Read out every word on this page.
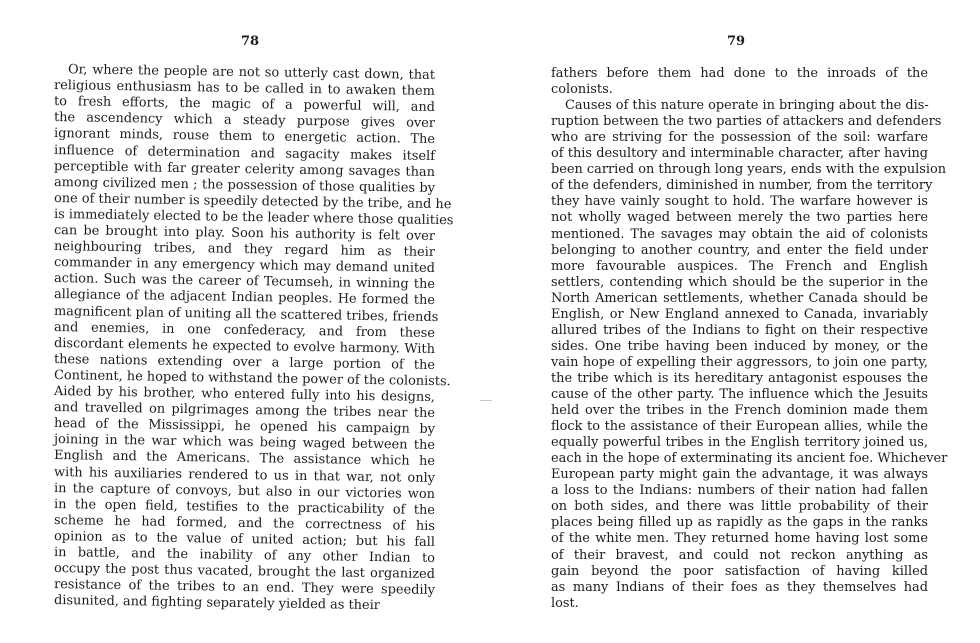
78
Or, where the people are not so utterly cast down, that
religious enthusiasm has to be called in to awaken them
to fresh efforts, the magic of a powerful will, and
the ascendency which a steady purpose gives over
ignorant minds, rouse them to energetic action. The
influence of determination and sagacity makes itself
perceptible with far greater celerity among savages than
among civilized men ; the possession of those qualities by
one of their number is speedily detected by the tribe, and he
is immediately elected to be the leader where those qualities
can be brought into play. Soon his authority is felt over
neighbouring tribes, and they regard him as their
commander in any emergency which may demand united
action. Such was the career of Tecumseh, in winning the
allegiance of the adjacent Indian peoples. He formed the
magnificent plan of uniting all the scattered tribes, friends
and enemies, in one confederacy, and from these
discordant elements he expected to evolve harmony. With
these nations extending over a large portion of the
Continent, he hoped to withstand the power of the colonists.
Aided by his brother, who entered fully into his designs,
and travelled on pilgrimages among the tribes near the
head of the Mississippi, he opened his campaign by
joining in the war which was being waged between the
English and the Americans. The assistance which he
with his auxiliaries rendered to us in that war, not only
in the capture of convoys, but also in our victories won
in the open field, testifies to the practicability of the
scheme he had formed, and the correctness of his
opinion as to the value of united action; but his fall
in battle, and the inability of any other Indian to
occupy the post thus vacated, brought the last organized
resistance of the tribes to an end. They were speedily
disunited, and fighting separately yielded as their
79
fathers before them had done to the inroads of the
colonists.
Causes of this nature operate in bringing about the dis-
ruption between the two parties of attackers and defenders
who are striving for the possession of the soil: warfare
of this desultory and interminable character, after having
been carried on through long years, ends with the expulsion
of the defenders, diminished in number, from the territory
they have vainly sought to hold. The warfare however is
not wholly waged between merely the two parties here
mentioned. The savages may obtain the aid of colonists
belonging to another country, and enter the field under
more favourable auspices. The French and English
settlers, contending which should be the superior in the
North American settlements, whether Canada should be
English, or New England annexed to Canada, invariably
allured tribes of the Indians to fight on their respective
sides. One tribe having been induced by money, or the
vain hope of expelling their aggressors, to join one party,
the tribe which is its hereditary antagonist espouses the
cause of the other party. The influence which the Jesuits
held over the tribes in the French dominion made them
flock to the assistance of their European allies, while the
equally powerful tribes in the English territory joined us,
each in the hope of exterminating its ancient foe. Whichever
European party might gain the advantage, it was always
a loss to the Indians: numbers of their nation had fallen
on both sides, and there was little probability of their
places being filled up as rapidly as the gaps in the ranks
of the white men. They returned home having lost some
of their bravest, and could not reckon anything as
gain beyond the poor satisfaction of having killed
as many Indians of their foes as they themselves had
lost.
